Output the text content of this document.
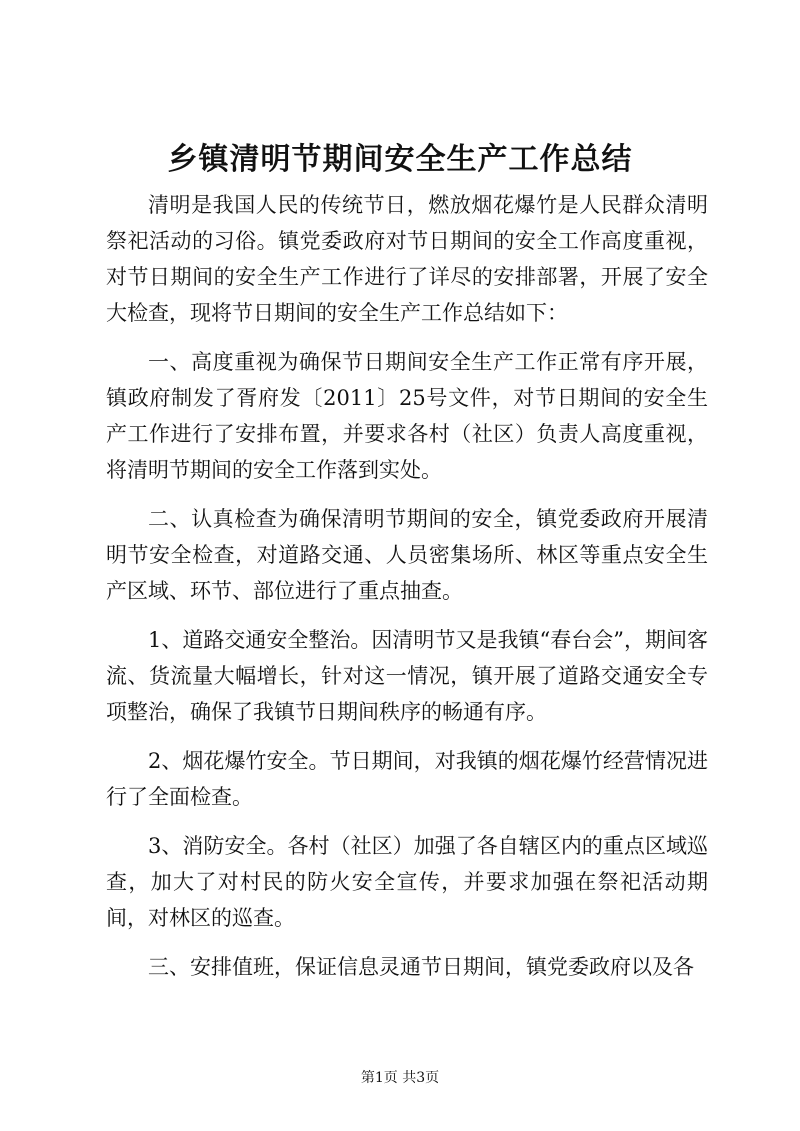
乡镇清明节期间安全生产工作总结

清明是我国人民的传统节日，燃放烟花爆竹是人民群众清明祭祀活动的习俗。镇党委政府对节日期间的安全工作高度重视，对节日期间的安全生产工作进行了详尽的安排部署，开展了安全大检查，现将节日期间的安全生产工作总结如下：

一、高度重视为确保节日期间安全生产工作正常有序开展，镇政府制发了胥府发〔2011〕25号文件，对节日期间的安全生产工作进行了安排布置，并要求各村（社区）负责人高度重视，将清明节期间的安全工作落到实处。

二、认真检查为确保清明节期间的安全，镇党委政府开展清明节安全检查，对道路交通、人员密集场所、林区等重点安全生产区域、环节、部位进行了重点抽查。

1、道路交通安全整治。因清明节又是我镇“春台会”，期间客流、货流量大幅增长，针对这一情况，镇开展了道路交通安全专项整治，确保了我镇节日期间秩序的畅通有序。

2、烟花爆竹安全。节日期间，对我镇的烟花爆竹经营情况进行了全面检查。

3、消防安全。各村（社区）加强了各自辖区内的重点区域巡查，加大了对村民的防火安全宣传，并要求加强在祭祀活动期间，对林区的巡查。

三、安排值班，保证信息灵通节日期间，镇党委政府以及各

第1页 共3页
